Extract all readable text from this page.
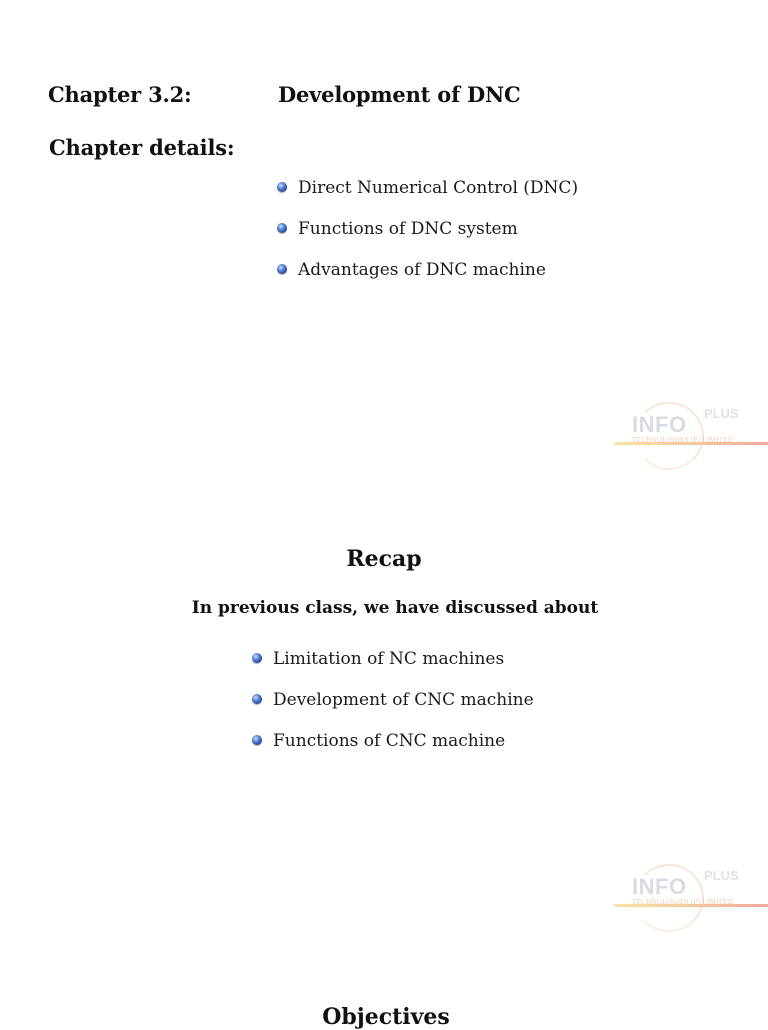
Chapter 3.2:	Development of DNC
Chapter details:
Direct Numerical Control (DNC)
Functions of DNC system
Advantages of DNC machine
INFO PLUS
TECHNOLOGIES (P) LIMITED
Recap
In previous class, we have discussed about
Limitation of NC machines
Development of CNC machine
Functions of CNC machine
INFO PLUS
TECHNOLOGIES (P) LIMITED
Objectives
